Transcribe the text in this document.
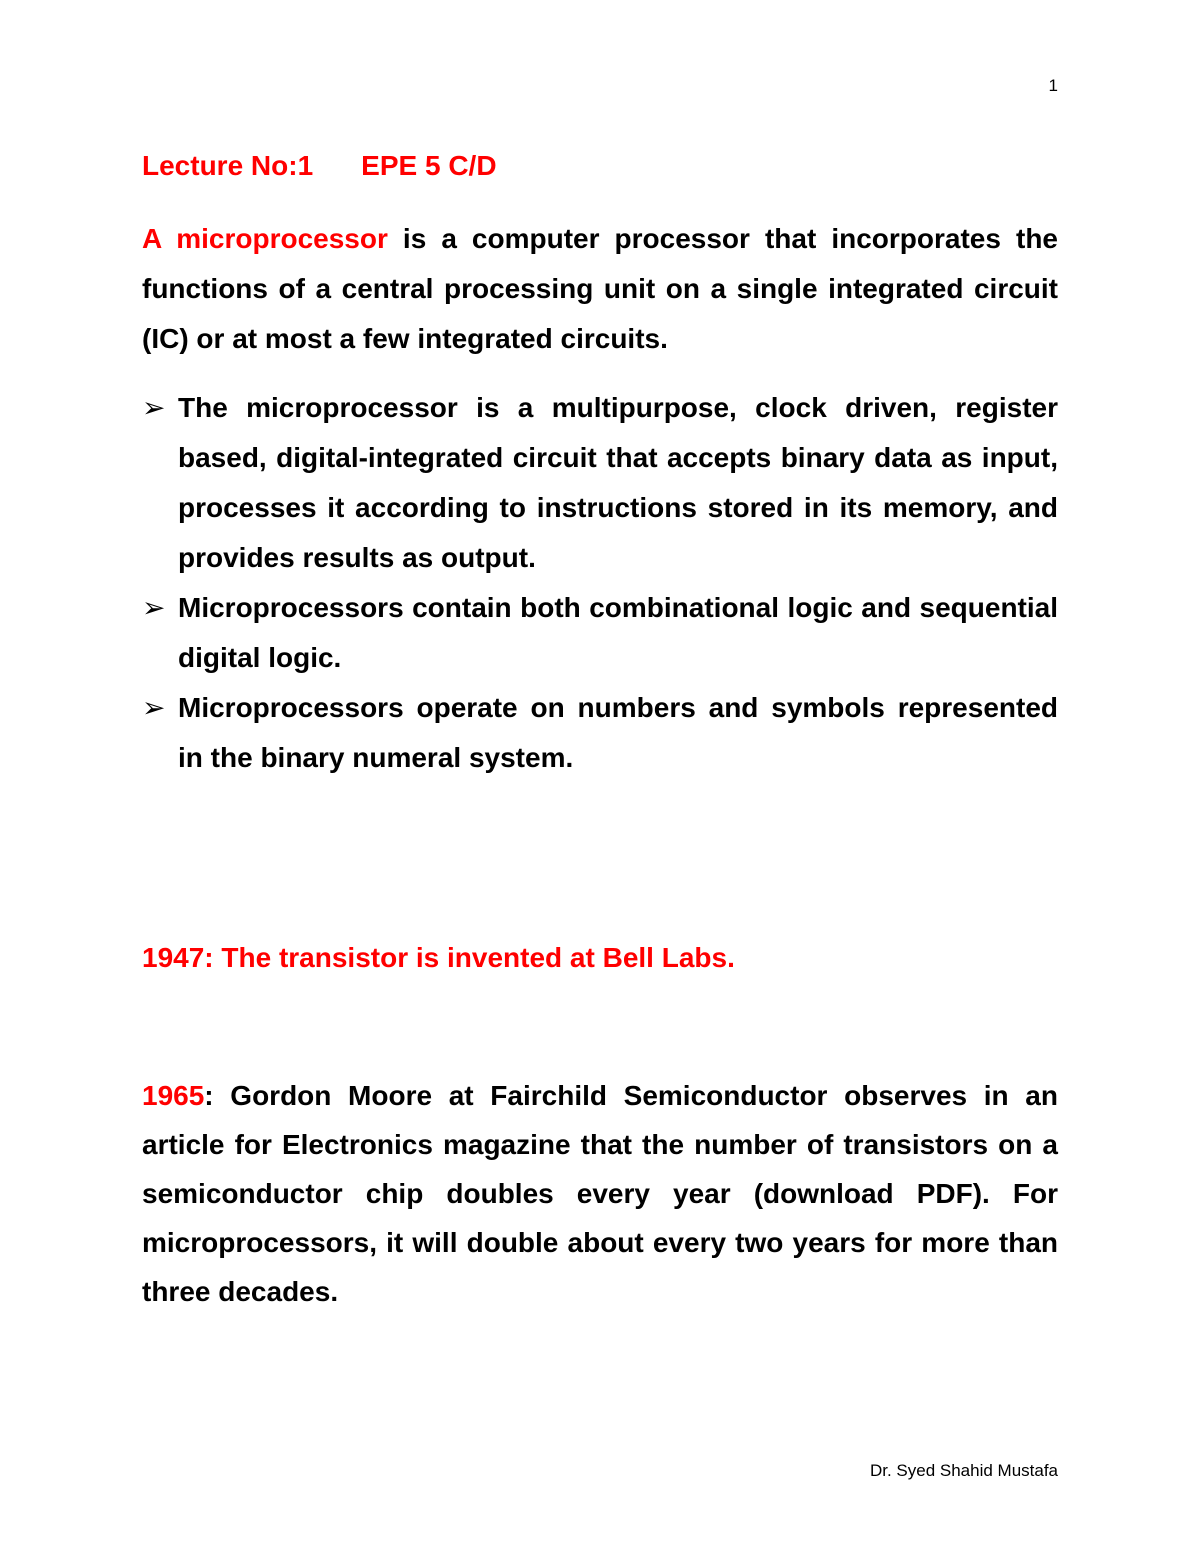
1

Lecture No:1 EPE 5 C/D

A microprocessor is a computer processor that incorporates the functions of a central processing unit on a single integrated circuit (IC) or at most a few integrated circuits.

➢ The microprocessor is a multipurpose, clock driven, register based, digital-integrated circuit that accepts binary data as input, processes it according to instructions stored in its memory, and provides results as output.
➢ Microprocessors contain both combinational logic and sequential digital logic.
➢ Microprocessors operate on numbers and symbols represented in the binary numeral system.

1947: The transistor is invented at Bell Labs.

1965: Gordon Moore at Fairchild Semiconductor observes in an article for Electronics magazine that the number of transistors on a semiconductor chip doubles every year (download PDF). For microprocessors, it will double about every two years for more than three decades.

Dr. Syed Shahid Mustafa
